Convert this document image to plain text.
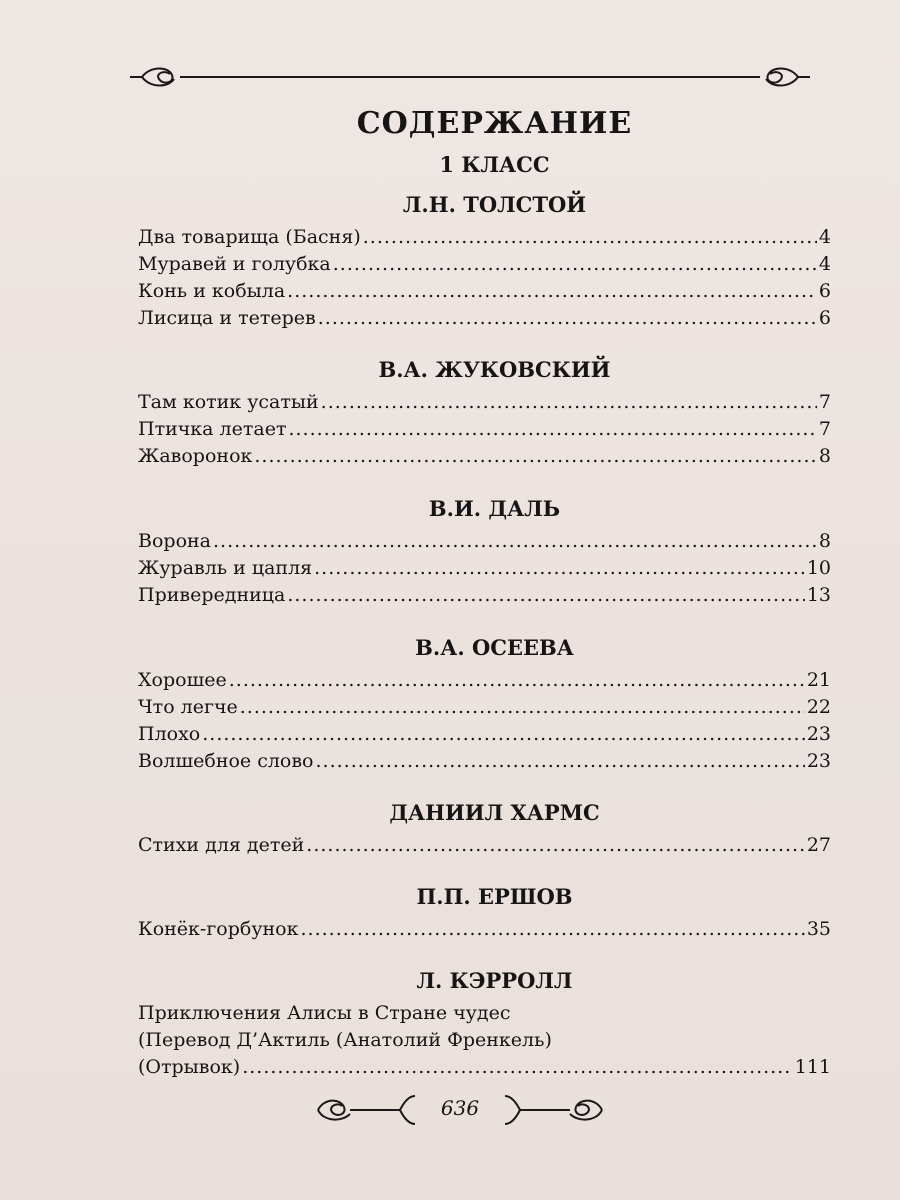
СОДЕРЖАНИЕ
1 КЛАСС
Л.Н. ТОЛСТОЙ
Два товарища (Басня) .....	4
Муравей и голубка .....	4
Конь и кобыла .....	6
Лисица и тетерев .....	6
В.А. ЖУКОВСКИЙ
Там котик усатый .....	7
Птичка летает .....	7
Жаворонок .....	8
В.И. ДАЛЬ
Ворона .....	8
Журавль и цапля .....	10
Привередница .....	13
В.А. ОСЕЕВА
Хорошее .....	21
Что легче .....	22
Плохо .....	23
Волшебное слово .....	23
ДАНИИЛ ХАРМС
Стихи для детей .....	27
П.П. ЕРШОВ
Конёк-горбунок .....	35
Л. КЭРРОЛЛ
Приключения Алисы в Стране чудес
(Перевод Д’Актиль (Анатолий Френкель)
(Отрывок) .....	111
636
